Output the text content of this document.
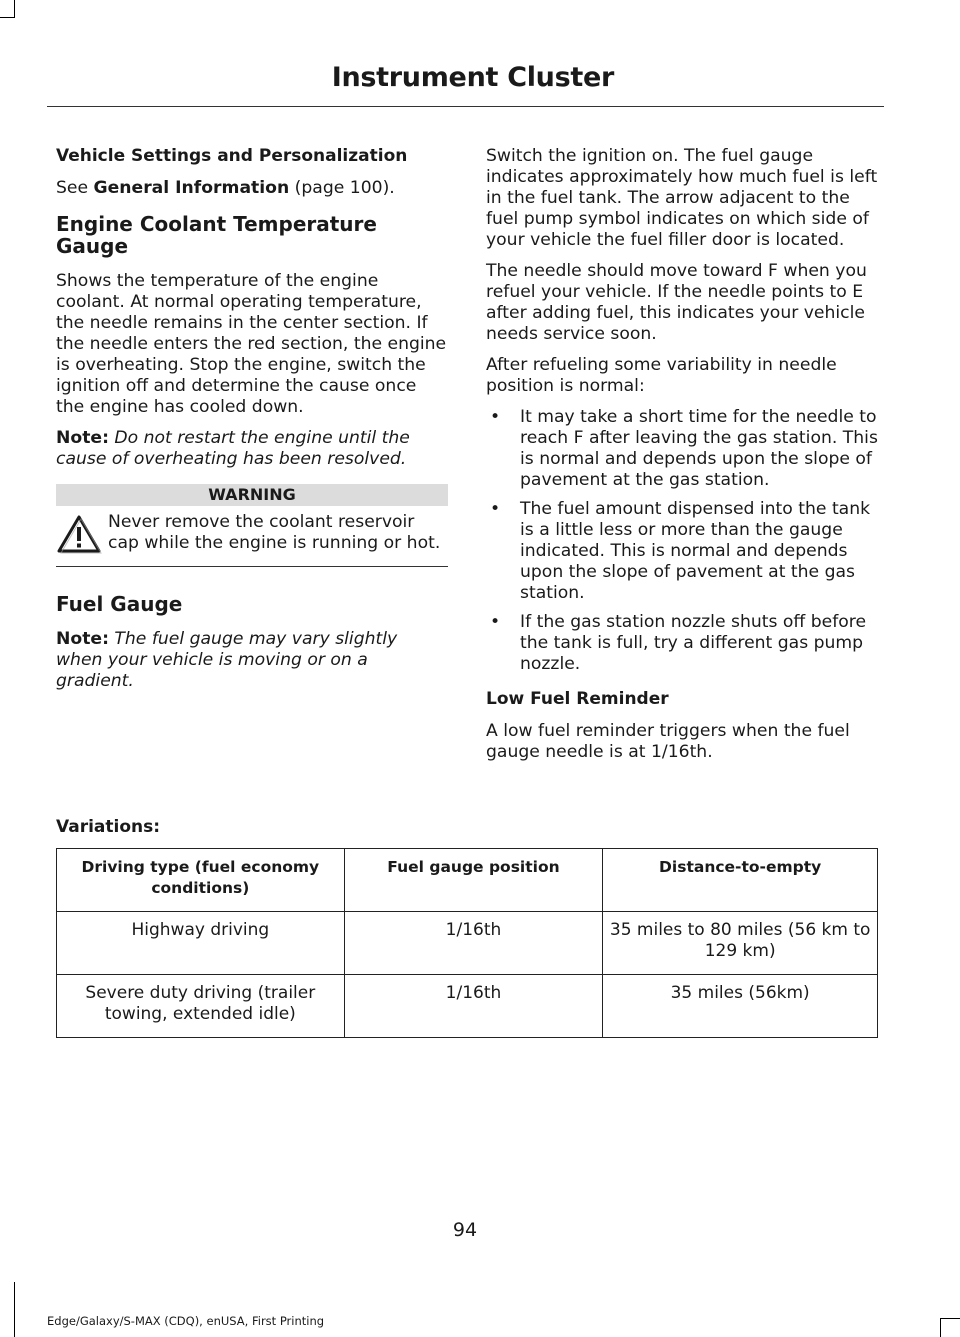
Instrument Cluster
Vehicle Settings and Personalization

See General Information (page 100).

Engine Coolant Temperature Gauge

Shows the temperature of the engine coolant. At normal operating temperature, the needle remains in the center section. If the needle enters the red section, the engine is overheating. Stop the engine, switch the ignition off and determine the cause once the engine has cooled down.

Note: Do not restart the engine until the cause of overheating has been resolved.

WARNING
Never remove the coolant reservoir cap while the engine is running or hot.
Fuel Gauge

Note: The fuel gauge may vary slightly when your vehicle is moving or on a gradient.

Switch the ignition on. The fuel gauge indicates approximately how much fuel is left in the fuel tank. The arrow adjacent to the fuel pump symbol indicates on which side of your vehicle the fuel filler door is located.

The needle should move toward F when you refuel your vehicle. If the needle points to E after adding fuel, this indicates your vehicle needs service soon.

After refueling some variability in needle position is normal:

• It may take a short time for the needle to reach F after leaving the gas station. This is normal and depends upon the slope of pavement at the gas station.
• The fuel amount dispensed into the tank is a little less or more than the gauge indicated. This is normal and depends upon the slope of pavement at the gas station.
• If the gas station nozzle shuts off before the tank is full, try a different gas pump nozzle.
Low Fuel Reminder

A low fuel reminder triggers when the fuel gauge needle is at 1/16th.

Variations:
Driving type (fuel economy conditions)	Fuel gauge position	Distance-to-empty
Highway driving	1/16th	35 miles to 80 miles (56 km to 129 km)
Severe duty driving (trailer towing, extended idle)	1/16th	35 miles (56km)
94
Edge/Galaxy/S-MAX (CDQ), enUSA, First Printing
